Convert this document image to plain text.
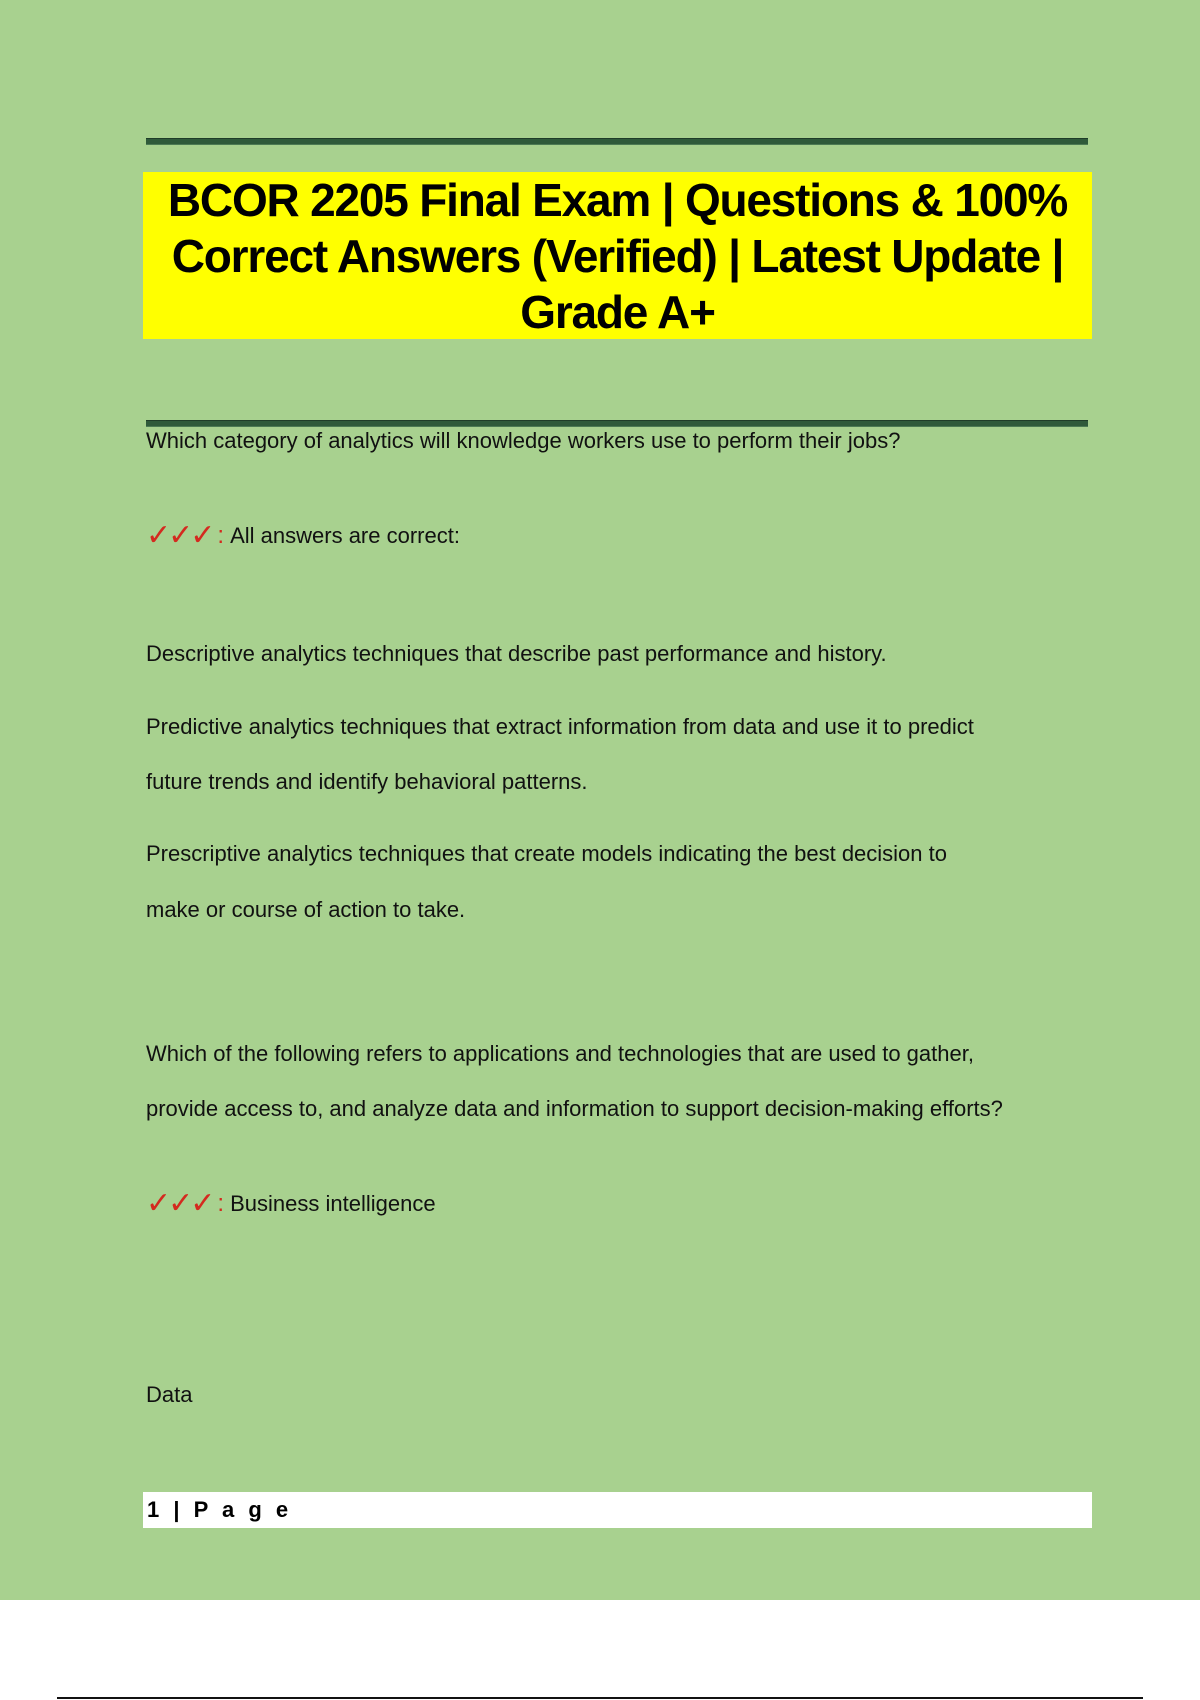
BCOR 2205 Final Exam | Questions & 100% Correct Answers (Verified) | Latest Update | Grade A+
Which category of analytics will knowledge workers use to perform their jobs?
✓✓✓ : All answers are correct:
Descriptive analytics techniques that describe past performance and history.
Predictive analytics techniques that extract information from data and use it to predict
future trends and identify behavioral patterns.
Prescriptive analytics techniques that create models indicating the best decision to
make or course of action to take.
Which of the following refers to applications and technologies that are used to gather,
provide access to, and analyze data and information to support decision-making efforts?
✓✓✓ : Business intelligence
Data
1 | P a g e
